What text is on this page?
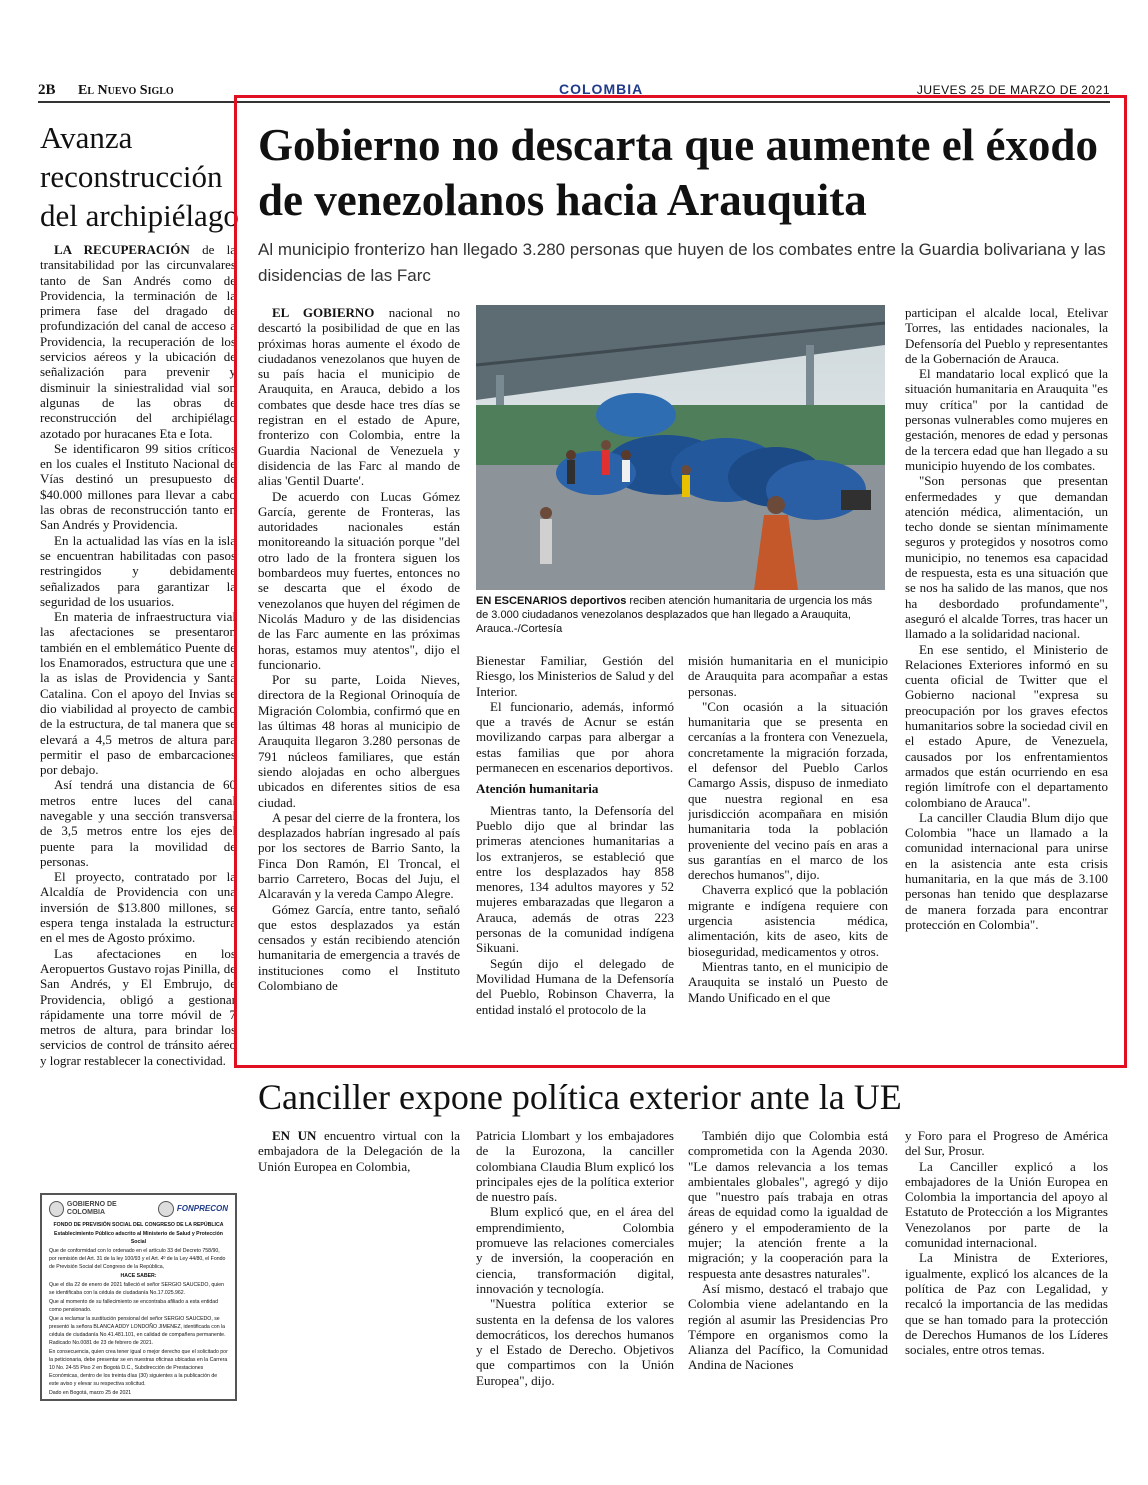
2B El Nuevo Siglo	COLOMBIA	JUEVES 25 DE MARZO DE 2021
Avanza
reconstrucción
del archipiélago

LA RECUPERACIÓN de la transitabilidad por las circunvalares tanto de San Andrés como de Providencia, la terminación de la primera fase del dragado de profundización del canal de acceso a Providencia, la recuperación de los servicios aéreos y la ubicación de señalización para prevenir y disminuir la siniestralidad vial son algunas de las obras de reconstrucción del archipiélago azotado por huracanes Eta e Iota.

Se identificaron 99 sitios críticos en los cuales el Instituto Nacional de Vías destinó un presupuesto de $40.000 millones para llevar a cabo las obras de reconstrucción tanto en San Andrés y Providencia.

En la actualidad las vías en la isla se encuentran habilitadas con pasos restringidos y debidamente señalizados para garantizar la seguridad de los usuarios.

En materia de infraestructura vial las afectaciones se presentaron también en el emblemático Puente de los Enamorados, estructura que une a la as islas de Providencia y Santa Catalina. Con el apoyo del Invias se dio viabilidad al proyecto de cambio de la estructura, de tal manera que se elevará a 4,5 metros de altura para permitir el paso de embarcaciones por debajo.

Así tendrá una distancia de 60 metros entre luces del canal navegable y una sección transversal de 3,5 metros entre los ejes del puente para la movilidad de personas.

El proyecto, contratado por la Alcaldía de Providencia con una inversión de $13.800 millones, se espera tenga instalada la estructura en el mes de Agosto próximo.

Las afectaciones en los Aeropuertos Gustavo rojas Pinilla, de San Andrés, y El Embrujo, de Providencia, obligó a gestionar rápidamente una torre móvil de 7 metros de altura, para brindar los servicios de control de tránsito aéreo y lograr restablecer la conectividad.

GOBIERNO DE COLOMBIA	FONPRECON

FONDO DE PREVISIÓN SOCIAL DEL CONGRESO DE LA REPÚBLICA

Establecimiento Público adscrito al Ministerio de Salud y Protección Social

Que de conformidad con lo ordenado en el artículo 33 del Decreto 758/90, por remisión del Art. 31 de la ley 100/93 y el Art. 4º de la Ley 44/80, el Fondo de Previsión Social del Congreso de la República,

HACE SABER:

Que el día 22 de enero de 2021 falleció el señor SERGIO SAUCEDO, quien se identificaba con la cédula de ciudadanía No.17.025.962.

Que al momento de su fallecimiento se encontraba afiliado a esta entidad como pensionado.

Que a reclamar la sustitución pensional del señor SERGIO SAUCEDO, se presentó la señora BLANCA ADDY LONDOÑO JIMENEZ, identificada con la cédula de ciudadanía No.41.481.101, en calidad de compañera permanente. Radicado No.0081 de 23 de febrero de 2021.

En consecuencia, quien crea tener igual o mejor derecho que el solicitado por la peticionaria, debe presentar se en nuestras oficinas ubicadas en la Carrera 10 No. 24-55 Piso 2 en Bogotá D.C., Subdirección de Prestaciones Económicas, dentro de los treinta días (30) siguientes a la publicación de este aviso y elevar su respectiva solicitud.

Dado en Bogotá, marzo 25 de 2021

Gobierno no descarta que aumente el éxodo de venezolanos hacia Arauquita
Al municipio fronterizo han llegado 3.280 personas que huyen de los combates entre la Guardia bolivariana y las disidencias de las Farc

EL GOBIERNO nacional no descartó la posibilidad de que en las próximas horas aumente el éxodo de ciudadanos venezolanos que huyen de su país hacia el municipio de Arauquita, en Arauca, debido a los combates que desde hace tres días se registran en el estado de Apure, fronterizo con Colombia, entre la Guardia Nacional de Venezuela y disidencia de las Farc al mando de alias 'Gentil Duarte'.

De acuerdo con Lucas Gómez García, gerente de Fronteras, las autoridades nacionales están monitoreando la situación porque "del otro lado de la frontera siguen los bombardeos muy fuertes, entonces no se descarta que el éxodo de venezolanos que huyen del régimen de Nicolás Maduro y de las disidencias de las Farc aumente en las próximas horas, estamos muy atentos", dijo el funcionario.

Por su parte, Loida Nieves, directora de la Regional Orinoquía de Migración Colombia, confirmó que en las últimas 48 horas al municipio de Arauquita llegaron 3.280 personas de 791 núcleos familiares, que están siendo alojadas en ocho albergues ubicados en diferentes sitios de esa ciudad.

A pesar del cierre de la frontera, los desplazados habrían ingresado al país por los sectores de Barrio Santo, la Finca Don Ramón, El Troncal, el barrio Carretero, Bocas del Juju, el Alcaraván y la vereda Campo Alegre.

Gómez García, entre tanto, señaló que estos desplazados ya están censados y están recibiendo atención humanitaria de emergencia a través de instituciones como el Instituto Colombiano de

EN ESCENARIOS deportivos reciben atención humanitaria de urgencia los más de 3.000 ciudadanos venezolanos desplazados que han llegado a Arauquita, Arauca.-/Cortesía

Bienestar Familiar, Gestión del Riesgo, los Ministerios de Salud y del Interior.

El funcionario, además, informó que a través de Acnur se están movilizando carpas para albergar a estas familias que por ahora permanecen en escenarios deportivos.

Atención humanitaria

Mientras tanto, la Defensoría del Pueblo dijo que al brindar las primeras atenciones humanitarias a los extranjeros, se estableció que entre los desplazados hay 858 menores, 134 adultos mayores y 52 mujeres embarazadas que llegaron a Arauca, además de otras 223 personas de la comunidad indígena Sikuani.

Según dijo el delegado de Movilidad Humana de la Defensoría del Pueblo, Robinson Chaverra, la entidad instaló el protocolo de la

misión humanitaria en el municipio de Arauquita para acompañar a estas personas.

"Con ocasión a la situación humanitaria que se presenta en cercanías a la frontera con Venezuela, concretamente la migración forzada, el defensor del Pueblo Carlos Camargo Assis, dispuso de inmediato que nuestra regional en esa jurisdicción acompañara en misión humanitaria toda la población proveniente del vecino país en aras a sus garantías en el marco de los derechos humanos", dijo.

Chaverra explicó que la población migrante e indígena requiere con urgencia asistencia médica, alimentación, kits de aseo, kits de bioseguridad, medicamentos y otros.

Mientras tanto, en el municipio de Arauquita se instaló un Puesto de Mando Unificado en el que

participan el alcalde local, Etelivar Torres, las entidades nacionales, la Defensoría del Pueblo y representantes de la Gobernación de Arauca.

El mandatario local explicó que la situación humanitaria en Arauquita "es muy crítica" por la cantidad de personas vulnerables como mujeres en gestación, menores de edad y personas de la tercera edad que han llegado a su municipio huyendo de los combates.

"Son personas que presentan enfermedades y que demandan atención médica, alimentación, un techo donde se sientan mínimamente seguros y protegidos y nosotros como municipio, no tenemos esa capacidad de respuesta, esta es una situación que se nos ha salido de las manos, que nos ha desbordado profundamente", aseguró el alcalde Torres, tras hacer un llamado a la solidaridad nacional.

En ese sentido, el Ministerio de Relaciones Exteriores informó en su cuenta oficial de Twitter que el Gobierno nacional "expresa su preocupación por los graves efectos humanitarios sobre la sociedad civil en el estado Apure, de Venezuela, causados por los enfrentamientos armados que están ocurriendo en esa región limítrofe con el departamento colombiano de Arauca".

La canciller Claudia Blum dijo que Colombia "hace un llamado a la comunidad internacional para unirse en la asistencia ante esta crisis humanitaria, en la que más de 3.100 personas han tenido que desplazarse de manera forzada para encontrar protección en Colombia".

Canciller expone política exterior ante la UE

EN UN encuentro virtual con la embajadora de la Delegación de la Unión Europea en Colombia,

Patricia Llombart y los embajadores de la Eurozona, la canciller colombiana Claudia Blum explicó los principales ejes de la política exterior de nuestro país.

Blum explicó que, en el área del emprendimiento, Colombia promueve las relaciones comerciales y de inversión, la cooperación en ciencia, transformación digital, innovación y tecnología.

"Nuestra política exterior se sustenta en la defensa de los valores democráticos, los derechos humanos y el Estado de Derecho. Objetivos que compartimos con la Unión Europea", dijo.

También dijo que Colombia está comprometida con la Agenda 2030. "Le damos relevancia a los temas ambientales globales", agregó y dijo que "nuestro país trabaja en otras áreas de equidad como la igualdad de género y el empoderamiento de la mujer; la atención frente a la migración; y la cooperación para la respuesta ante desastres naturales".

Así mismo, destacó el trabajo que Colombia viene adelantando en la región al asumir las Presidencias Pro Témpore en organismos como la Alianza del Pacífico, la Comunidad Andina de Naciones

y Foro para el Progreso de América del Sur, Prosur.

La Canciller explicó a los embajadores de la Unión Europea en Colombia la importancia del apoyo al Estatuto de Protección a los Migrantes Venezolanos por parte de la comunidad internacional.

La Ministra de Exteriores, igualmente, explicó los alcances de la política de Paz con Legalidad, y recalcó la importancia de las medidas que se han tomado para la protección de Derechos Humanos de los Líderes sociales, entre otros temas.
